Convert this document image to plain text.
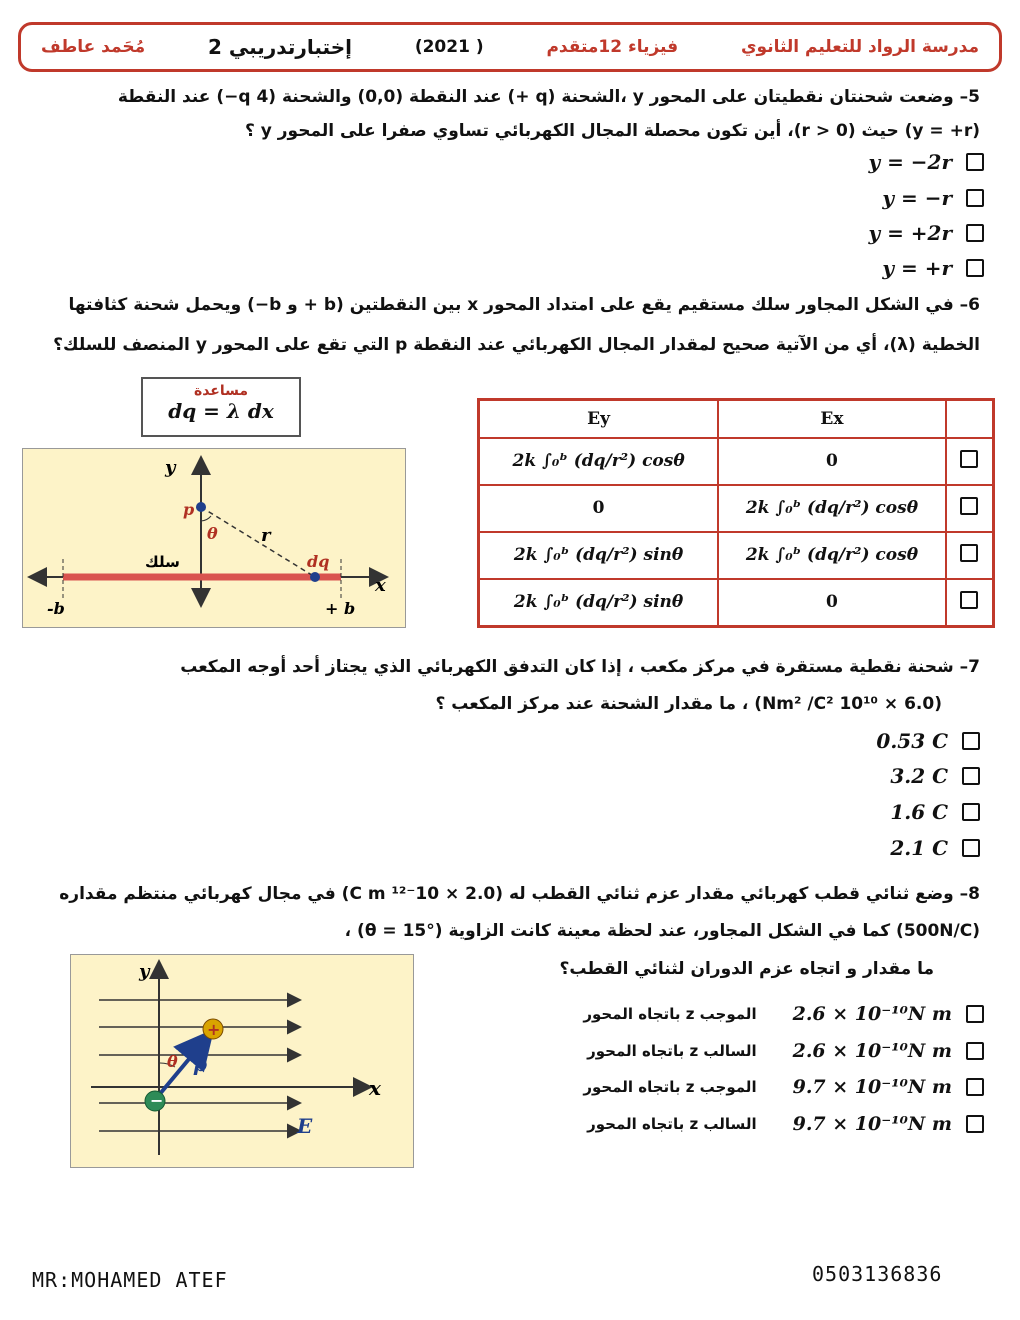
مُحَمد عاطف	إختبارتدريبي 2	(2021 )	فيزياء 12متقدم	مدرسة الرواد للتعليم الثانوي
5– وضعت شحنتان نقطيتان على المحور y ،الشحنة (q +) عند النقطة (0,0) والشحنة (4 q−) عند النقطة
(y = +r) حيث (r > 0)، أين تكون محصلة المجال الكهربائي تساوي صفرا على المحور y ؟
y = −2r
y = −r
y = +2r
y = +r
6– في الشكل المجاور سلك مستقيم يقع على امتداد المحور x بين النقطتين (b + و b−) ويحمل شحنة كثافتها
الخطية (λ)، أي من الآتية صحيح لمقدار المجال الكهربائي عند النقطة p التي تقع على المحور y المنصف للسلك؟
مساعدة
dq = λ dx
y
p
θ r
سلك	dq
x
-b	+ b
Ey	Ex	
2k ∫₀ᵇ (dq/r²) cosθ	0	
0	2k ∫₀ᵇ (dq/r²) cosθ	
2k ∫₀ᵇ (dq/r²) sinθ	2k ∫₀ᵇ (dq/r²) cosθ	
2k ∫₀ᵇ (dq/r²) sinθ	0	
7– شحنة نقطية مستقرة في مركز مكعب ، إذا كان التدفق الكهربائي الذي يجتاز أحد أوجه المكعب
(6.0 × 10¹⁰ Nm² /C²) ، ما مقدار الشحنة عند مركز المكعب ؟
0.53 C
3.2 C
1.6 C
2.1 C
8– وضع ثنائي قطب كهربائي مقدار عزم ثنائي القطب له (2.0 × 10⁻¹² C m) في مجال كهربائي منتظم مقداره
(500N/C) كما في الشكل المجاور، عند لحظة معينة كانت الزاوية (θ = 15°) ،
ما مقدار و اتجاه عزم الدوران لثنائي القطب؟
باتجاه المحور z الموجب 2.6 × 10⁻¹⁰N m
باتجاه المحور z السالب 2.6 × 10⁻¹⁰N m
باتجاه المحور z الموجب 9.7 × 10⁻¹⁰N m
باتجاه المحور z السالب 9.7 × 10⁻¹⁰N m
+
−
y
θ p
x
E
MR:MOHAMED ATEF	0503136836
